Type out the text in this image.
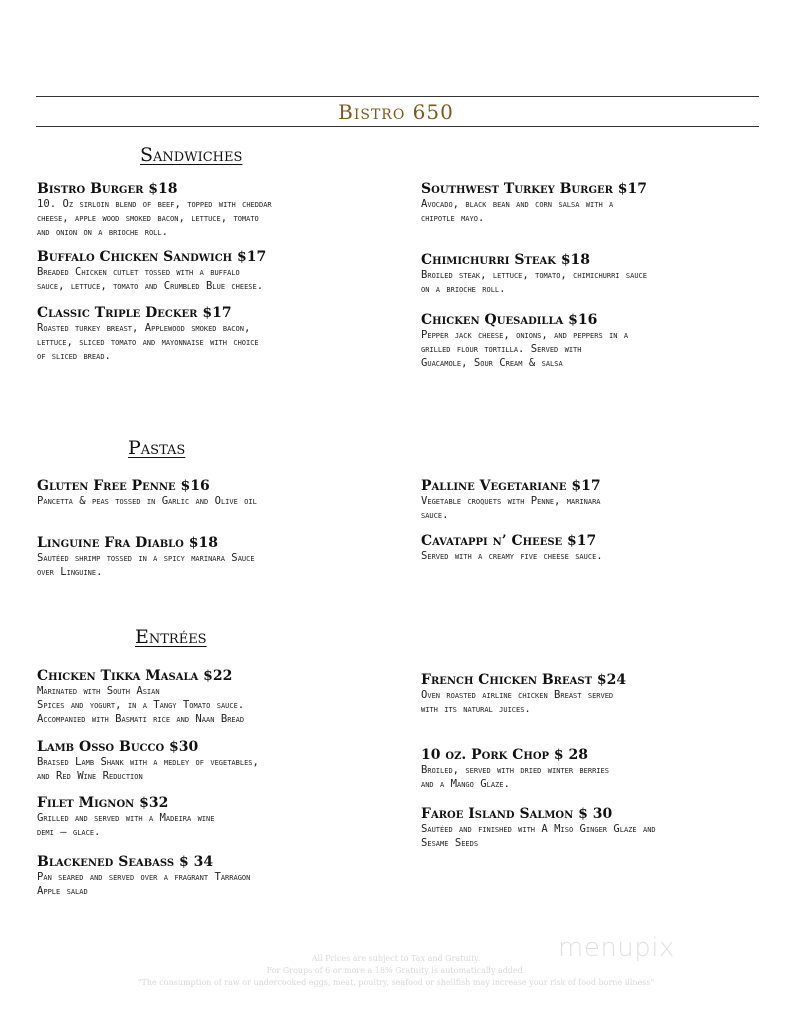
Bistro 650
Sandwiches
Bistro Burger $18
10. Oz sirloin blend of beef, topped with cheddar
cheese, apple wood smoked bacon, lettuce, tomato
and onion on a brioche roll.
Buffalo Chicken Sandwich $17
Breaded Chicken cutlet tossed with a buffalo
sauce, lettuce, tomato and Crumbled Blue cheese.
Classic Triple Decker $17
Roasted turkey breast, Applewood smoked bacon,
lettuce, sliced tomato and mayonnaise with choice
of sliced bread.
Southwest Turkey Burger $17
Avocado, black bean and corn salsa with a
chipotle mayo.
Chimichurri Steak $18
Broiled steak, lettuce, tomato, chimichurri sauce
on a brioche roll.
Chicken Quesadilla $16
Pepper jack cheese, onions, and peppers in a
grilled flour tortilla. Served with
Guacamole, Sour Cream & salsa
Pastas
Gluten Free Penne $16
Pancetta & peas tossed in Garlic and Olive oil
Linguine Fra Diablo $18
Sautéed shrimp tossed in a spicy marinara Sauce
over Linguine.
Palline Vegetariane $17
Vegetable croquets with Penne, marinara
sauce.
Cavatappi n’ Cheese $17
Served with a creamy five cheese sauce.
Entrées
Chicken Tikka Masala $22
Marinated with South Asian
Spices and yogurt, in a Tangy Tomato sauce.
Accompanied with Basmati rice and Naan Bread
Lamb Osso Bucco $30
Braised Lamb Shank with a medley of vegetables,
and Red Wine Reduction
Filet Mignon $32
Grilled and served with a Madeira wine
demi – glace.
Blackened Seabass $ 34
Pan seared and served over a fragrant Tarragon
Apple salad
French Chicken Breast $24
Oven roasted airline chicken Breast served
with its natural juices.
10 oz. Pork Chop $ 28
Broiled, served with dried winter berries
and a Mango Glaze.
Faroe Island Salmon $ 30
Sautéed and finished with A Miso Ginger Glaze and
Sesame Seeds
menupix
All Prices are subject to Tax and Gratuity.
For Groups of 6 or more a 18% Gratuity is automatically added.
"The consumption of raw or undercooked eggs, meat, poultry, seafood or shellfish may increase your risk of food borne illness"
